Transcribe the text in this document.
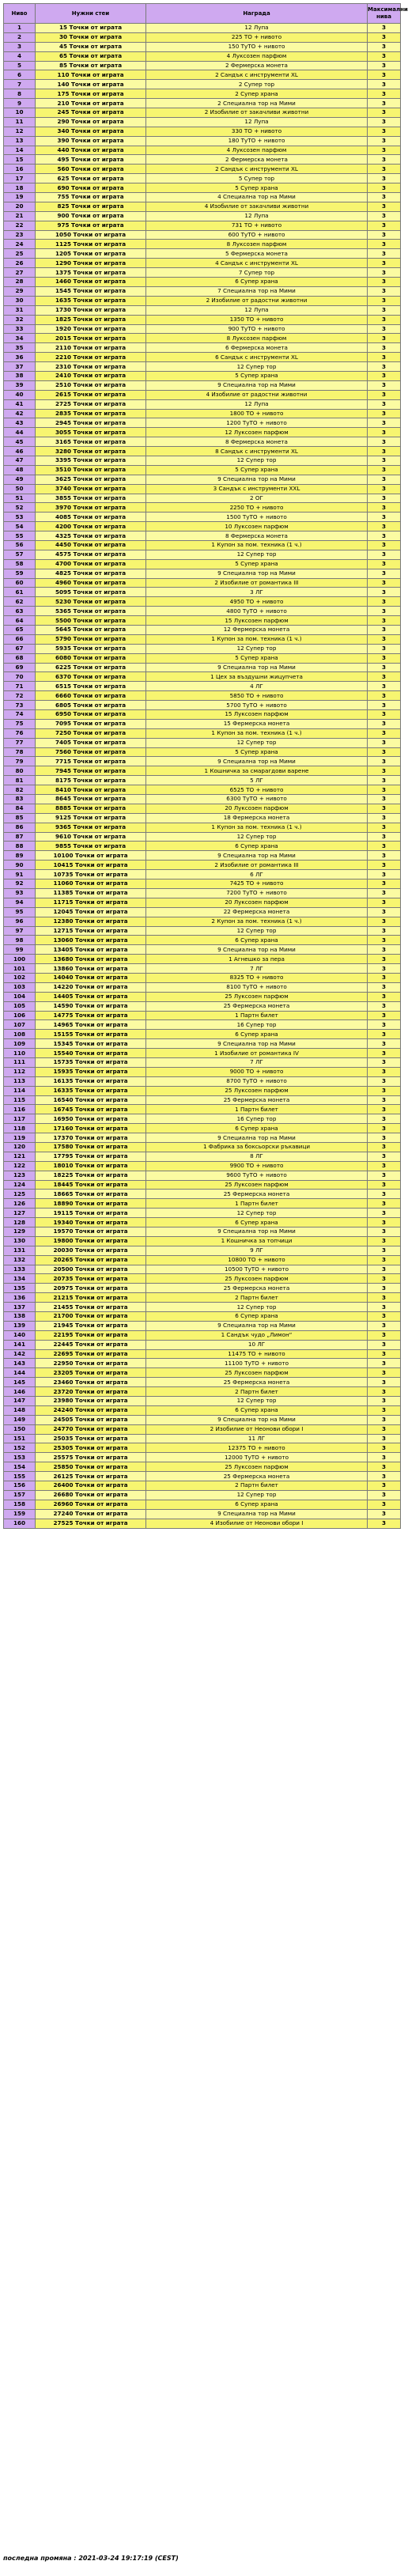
Ниво	Нужни стеи	Награда	Максимални нива
1	15 Точки от играта	12 Лупа	3
2	30 Точки от играта	225 ТО + нивото	3
3	45 Точки от играта	150 ТуТО + нивото	3
4	65 Точки от играта	4 Луксозен парфюм	3
5	85 Точки от играта	2 Фермерска монета	3
6	110 Точки от играта	2 Сандък с инструменти XL	3
7	140 Точки от играта	2 Супер тор	3
8	175 Точки от играта	2 Супер храна	3
9	210 Точки от играта	2 Специална тор на Мими	3
10	245 Точки от играта	2 Изобилие от закачливи животни	3
11	290 Точки от играта	12 Лупа	3
12	340 Точки от играта	330 ТО + нивото	3
13	390 Точки от играта	180 ТуТО + нивото	3
14	440 Точки от играта	4 Луксозен парфюм	3
15	495 Точки от играта	2 Фермерска монета	3
16	560 Точки от играта	2 Сандък с инструменти XL	3
17	625 Точки от играта	5 Супер тор	3
18	690 Точки от играта	5 Супер храна	3
19	755 Точки от играта	4 Специална тор на Мими	3
20	825 Точки от играта	4 Изобилие от закачливи животни	3
21	900 Точки от играта	12 Лупа	3
22	975 Точки от играта	731 ТО + нивото	3
23	1050 Точки от играта	600 ТуТО + нивото	3
24	1125 Точки от играта	8 Луксозен парфюм	3
25	1205 Точки от играта	5 Фермерска монета	3
26	1290 Точки от играта	4 Сандък с инструменти XL	3
27	1375 Точки от играта	7 Супер тор	3
28	1460 Точки от играта	6 Супер храна	3
29	1545 Точки от играта	7 Специална тор на Мими	3
30	1635 Точки от играта	2 Изобилие от радостни животни	3
31	1730 Точки от играта	12 Лупа	3
32	1825 Точки от играта	1350 ТО + нивото	3
33	1920 Точки от играта	900 ТуТО + нивото	3
34	2015 Точки от играта	8 Луксозен парфюм	3
35	2110 Точки от играта	6 Фермерска монета	3
36	2210 Точки от играта	6 Сандък с инструменти XL	3
37	2310 Точки от играта	12 Супер тор	3
38	2410 Точки от играта	5 Супер храна	3
39	2510 Точки от играта	9 Специална тор на Мими	3
40	2615 Точки от играта	4 Изобилие от радостни животни	3
41	2725 Точки от играта	12 Лупа	3
42	2835 Точки от играта	1800 ТО + нивото	3
43	2945 Точки от играта	1200 ТуТО + нивото	3
44	3055 Точки от играта	12 Луксозен парфюм	3
45	3165 Точки от играта	8 Фермерска монета	3
46	3280 Точки от играта	8 Сандък с инструменти XL	3
47	3395 Точки от играта	12 Супер тор	3
48	3510 Точки от играта	5 Супер храна	3
49	3625 Точки от играта	9 Специална тор на Мими	3
50	3740 Точки от играта	3 Сандък с инструменти XXL	3
51	3855 Точки от играта	2 ОГ	3
52	3970 Точки от играта	2250 ТО + нивото	3
53	4085 Точки от играта	1500 ТуТО + нивото	3
54	4200 Точки от играта	10 Луксозен парфюм	3
55	4325 Точки от играта	8 Фермерска монета	3
56	4450 Точки от играта	1 Купон за пом. техника (1 ч.)	3
57	4575 Точки от играта	12 Супер тор	3
58	4700 Точки от играта	5 Супер храна	3
59	4825 Точки от играта	9 Специална тор на Мими	3
60	4960 Точки от играта	2 Изобилие от романтика III	3
61	5095 Точки от играта	3 ЛГ	3
62	5230 Точки от играта	4950 ТО + нивото	3
63	5365 Точки от играта	4800 ТуТО + нивото	3
64	5500 Точки от играта	15 Луксозен парфюм	3
65	5645 Точки от играта	12 Фермерска монета	3
66	5790 Точки от играта	1 Купон за пом. техника (1 ч.)	3
67	5935 Точки от играта	12 Супер тор	3
68	6080 Точки от играта	5 Супер храна	3
69	6225 Точки от играта	9 Специална тор на Мими	3
70	6370 Точки от играта	1 Цех за въздушни жицупчета	3
71	6515 Точки от играта	4 ЛГ	3
72	6660 Точки от играта	5850 ТО + нивото	3
73	6805 Точки от играта	5700 ТуТО + нивото	3
74	6950 Точки от играта	15 Луксозен парфюм	3
75	7095 Точки от играта	15 Фермерска монета	3
76	7250 Точки от играта	1 Купон за пом. техника (1 ч.)	3
77	7405 Точки от играта	12 Супер тор	3
78	7560 Точки от играта	5 Супер храна	3
79	7715 Точки от играта	9 Специална тор на Мими	3
80	7945 Точки от играта	1 Кошничка за смарагдови варене	3
81	8175 Точки от играта	5 ЛГ	3
82	8410 Точки от играта	6525 ТО + нивото	3
83	8645 Точки от играта	6300 ТуТО + нивото	3
84	8885 Точки от играта	20 Луксозен парфюм	3
85	9125 Точки от играта	18 Фермерска монета	3
86	9365 Точки от играта	1 Купон за пом. техника (1 ч.)	3
87	9610 Точки от играта	12 Супер тор	3
88	9855 Точки от играта	6 Супер храна	3
89	10100 Точки от играта	9 Специална тор на Мими	3
90	10415 Точки от играта	2 Изобилие от романтика III	3
91	10735 Точки от играта	6 ЛГ	3
92	11060 Точки от играта	7425 ТО + нивото	3
93	11385 Точки от играта	7200 ТуТО + нивото	3
94	11715 Точки от играта	20 Луксозен парфюм	3
95	12045 Точки от играта	22 Фермерска монета	3
96	12380 Точки от играта	2 Купон за пом. техника (1 ч.)	3
97	12715 Точки от играта	12 Супер тор	3
98	13060 Точки от играта	6 Супер храна	3
99	13405 Точки от играта	9 Специална тор на Мими	3
100	13680 Точки от играта	1 Агнешко за пера	3
101	13860 Точки от играта	7 ЛГ	3
102	14040 Точки от играта	8325 ТО + нивото	3
103	14220 Точки от играта	8100 ТуТО + нивото	3
104	14405 Точки от играта	25 Луксозен парфюм	3
105	14590 Точки от играта	25 Фермерска монета	3
106	14775 Точки от играта	1 Партн билет	3
107	14965 Точки от играта	16 Супер тор	3
108	15155 Точки от играта	6 Супер храна	3
109	15345 Точки от играта	9 Специална тор на Мими	3
110	15540 Точки от играта	1 Изобилие от романтика IV	3
111	15735 Точки от играта	7 ЛГ	3
112	15935 Точки от играта	9000 ТО + нивото	3
113	16135 Точки от играта	8700 ТуТО + нивото	3
114	16335 Точки от играта	25 Луксозен парфюм	3
115	16540 Точки от играта	25 Фермерска монета	3
116	16745 Точки от играта	1 Партн билет	3
117	16950 Точки от играта	16 Супер тор	3
118	17160 Точки от играта	6 Супер храна	3
119	17370 Точки от играта	9 Специална тор на Мими	3
120	17580 Точки от играта	1 Фабрика за боксьорски ръкавици	3
121	17795 Точки от играта	8 ЛГ	3
122	18010 Точки от играта	9900 ТО + нивото	3
123	18225 Точки от играта	9600 ТуТО + нивото	3
124	18445 Точки от играта	25 Луксозен парфюм	3
125	18665 Точки от играта	25 Фермерска монета	3
126	18890 Точки от играта	1 Партн билет	3
127	19115 Точки от играта	12 Супер тор	3
128	19340 Точки от играта	6 Супер храна	3
129	19570 Точки от играта	9 Специална тор на Мими	3
130	19800 Точки от играта	1 Кошничка за топчици	3
131	20030 Точки от играта	9 ЛГ	3
132	20265 Точки от играта	10800 ТО + нивото	3
133	20500 Точки от играта	10500 ТуТО + нивото	3
134	20735 Точки от играта	25 Луксозен парфюм	3
135	20975 Точки от играта	25 Фермерска монета	3
136	21215 Точки от играта	2 Партн билет	3
137	21455 Точки от играта	12 Супер тор	3
138	21700 Точки от играта	6 Супер храна	3
139	21945 Точки от играта	9 Специална тор на Мими	3
140	22195 Точки от играта	1 Сандък чудо „Лимон“	3
141	22445 Точки от играта	10 ЛГ	3
142	22695 Точки от играта	11475 ТО + нивото	3
143	22950 Точки от играта	11100 ТуТО + нивото	3
144	23205 Точки от играта	25 Луксозен парфюм	3
145	23460 Точки от играта	25 Фермерска монета	3
146	23720 Точки от играта	2 Партн билет	3
147	23980 Точки от играта	12 Супер тор	3
148	24240 Точки от играта	6 Супер храна	3
149	24505 Точки от играта	9 Специална тор на Мими	3
150	24770 Точки от играта	2 Изобилие от Неонови обори I	3
151	25035 Точки от играта	11 ЛГ	3
152	25305 Точки от играта	12375 ТО + нивото	3
153	25575 Точки от играта	12000 ТуТО + нивото	3
154	25850 Точки от играта	25 Луксозен парфюм	3
155	26125 Точки от играта	25 Фермерска монета	3
156	26400 Точки от играта	2 Партн билет	3
157	26680 Точки от играта	12 Супер тор	3
158	26960 Точки от играта	6 Супер храна	3
159	27240 Точки от играта	9 Специална тор на Мими	3
160	27525 Точки от играта	4 Изобилие от Неонови обори I	3
последна промяна : 2021-03-24 19:17:19 (CEST)
